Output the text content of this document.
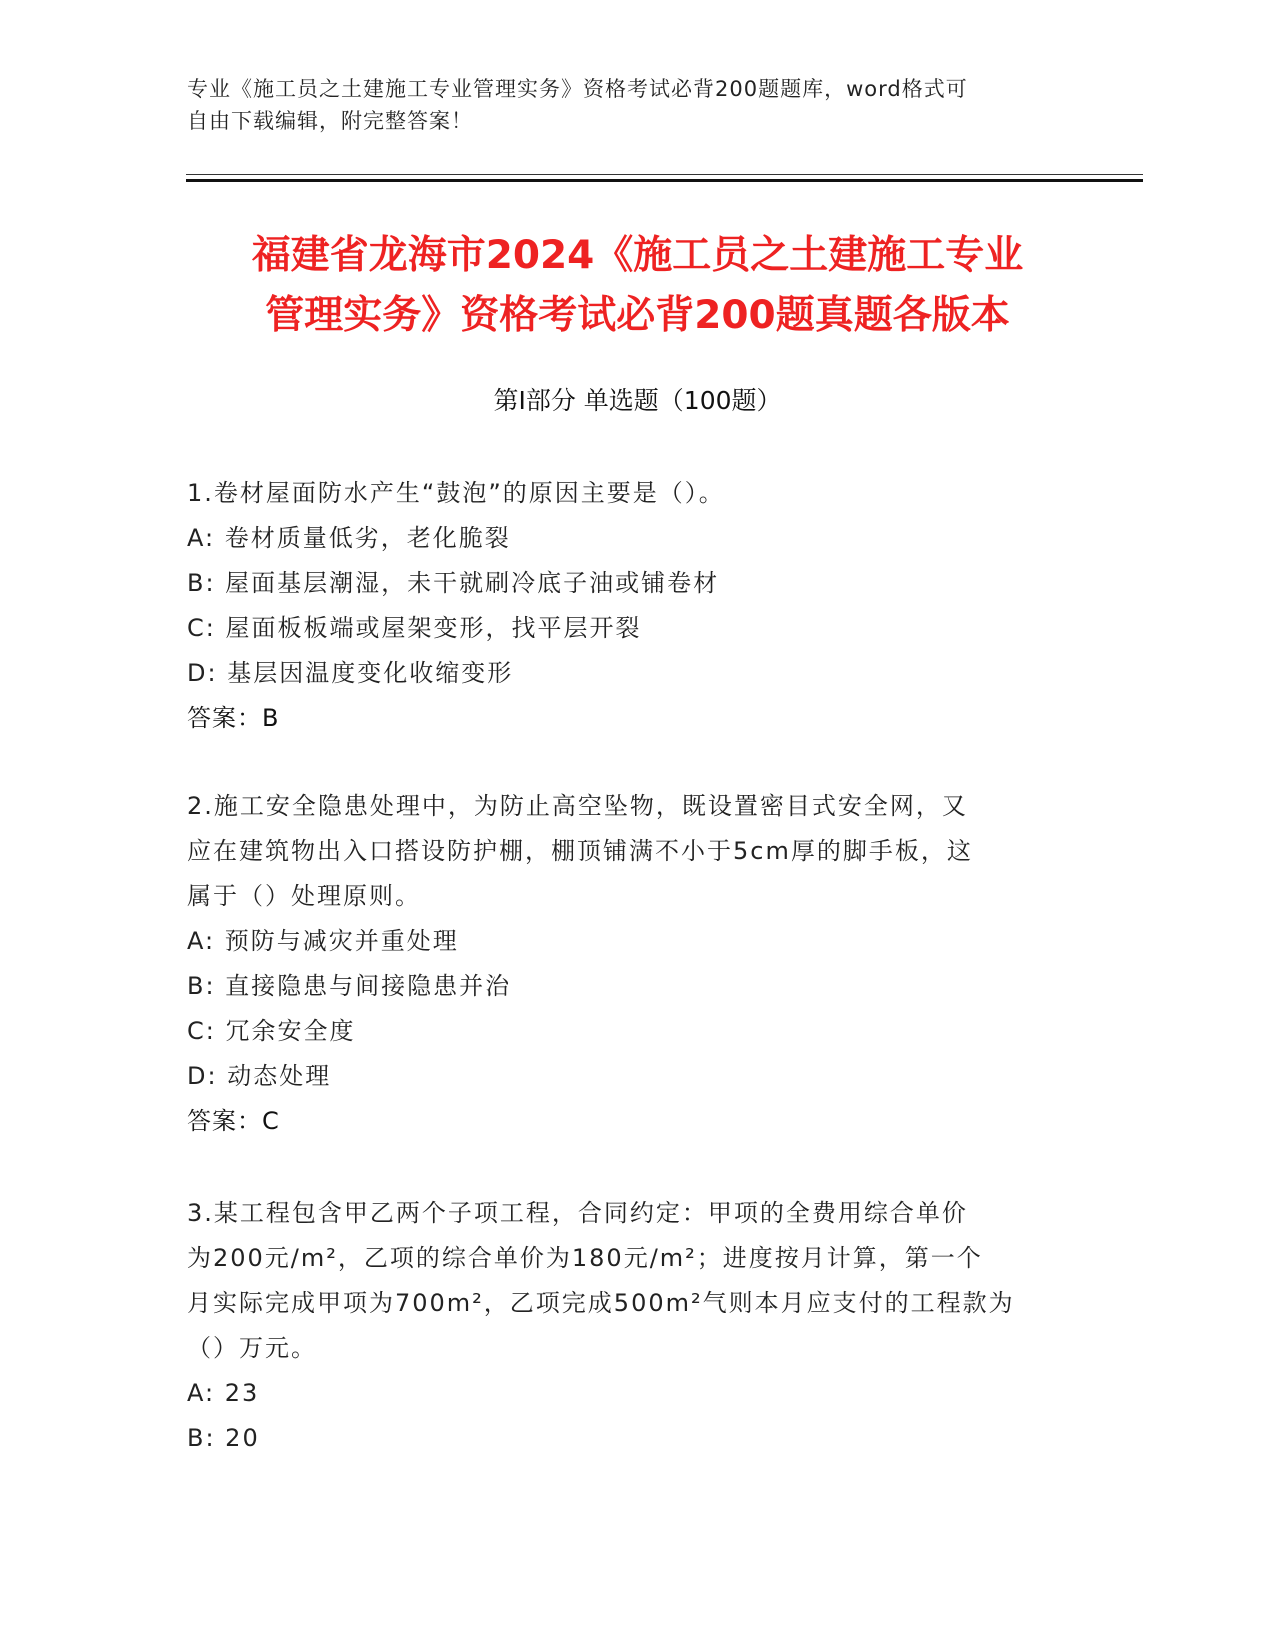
专业《施工员之土建施工专业管理实务》资格考试必背200题题库，word格式可
自由下载编辑，附完整答案！
福建省龙海市2024《施工员之土建施工专业
管理实务》资格考试必背200题真题各版本
第Ⅰ部分 单选题（100题）
1.卷材屋面防水产生“鼓泡”的原因主要是（）。
A: 卷材质量低劣，老化脆裂
B: 屋面基层潮湿，未干就刷冷底子油或铺卷材
C: 屋面板板端或屋架变形，找平层开裂
D: 基层因温度变化收缩变形
答案：B
2.施工安全隐患处理中，为防止高空坠物，既设置密目式安全网，又
应在建筑物出入口搭设防护棚，棚顶铺满不小于5cm厚的脚手板，这
属于（）处理原则。
A: 预防与减灾并重处理
B: 直接隐患与间接隐患并治
C: 冗余安全度
D: 动态处理
答案：C
3.某工程包含甲乙两个子项工程，合同约定：甲项的全费用综合单价
为200元/m²，乙项的综合单价为180元/m²；进度按月计算，第一个
月实际完成甲项为700m²，乙项完成500m²气则本月应支付的工程款为
（）万元。
A: 23
B: 20
